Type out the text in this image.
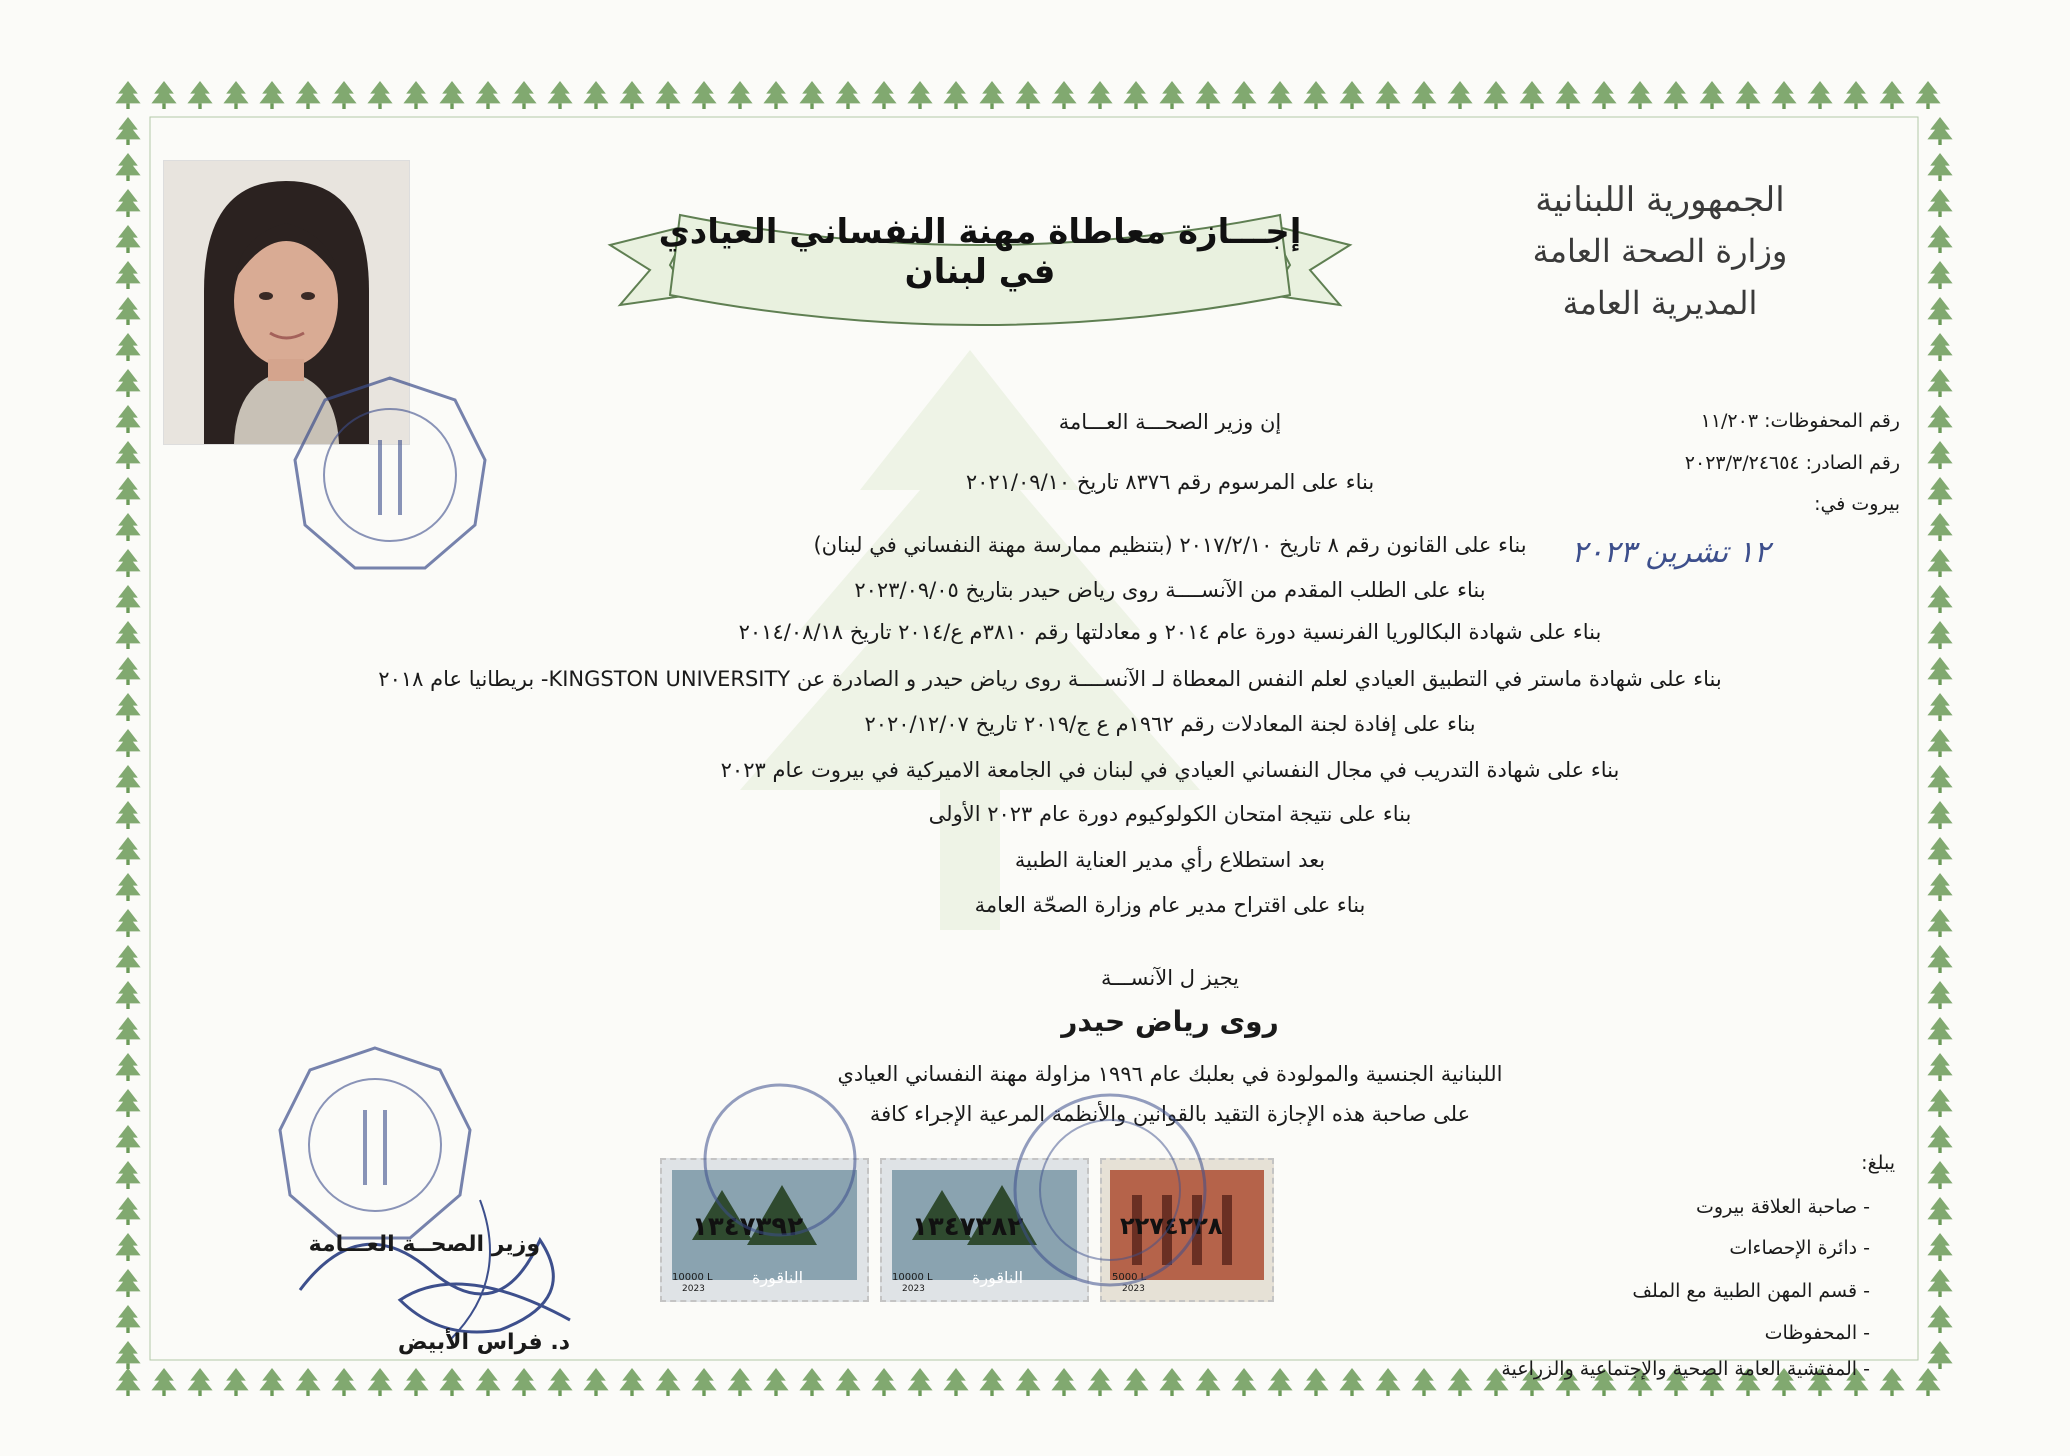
الجمهورية اللبنانية
وزارة الصحة العامة
المديرية العامة
إجـــازة معاطاة مهنة النفساني العيادي في لبنان
رقم المحفوظات: ١١/٢٠٣
رقم الصادر: ٢٠٢٣/٣/٢٤٦٥٤
بيروت في:
١٢ تشرين ٢٠٢٣
إن وزير الصحـــة العـــامة
بناء على المرسوم رقم ٨٣٧٦ تاريخ ٢٠٢١/٠٩/١٠
بناء على القانون رقم ٨ تاريخ ٢٠١٧/٢/١٠ (بتنظيم ممارسة مهنة النفساني في لبنان)
بناء على الطلب المقدم من الآنســــة روى رياض حيدر بتاريخ ٢٠٢٣/٠٩/٠٥
بناء على شهادة البكالوريا الفرنسية دورة عام ٢٠١٤ و معادلتها رقم ٣٨١٠م ع/٢٠١٤ تاريخ ٢٠١٤/٠٨/١٨
بناء على شهادة ماستر في التطبيق العيادي لعلم النفس المعطاة لـ الآنســــة روى رياض حيدر و الصادرة عن KINGSTON UNIVERSITY- بريطانيا عام ٢٠١٨
بناء على إفادة لجنة المعادلات رقم ١٩٦٢م ع ج/٢٠١٩ تاريخ ٢٠٢٠/١٢/٠٧
بناء على شهادة التدريب في مجال النفساني العيادي في لبنان في الجامعة الاميركية في بيروت عام ٢٠٢٣
بناء على نتيجة امتحان الكولوكيوم دورة عام ٢٠٢٣ الأولى
بعد استطلاع رأي مدير العناية الطبية
بناء على اقتراح مدير عام وزارة الصحّة العامة
يجيز ل الآنســـة
روى رياض حيدر
اللبنانية الجنسية والمولودة في بعلبك عام ١٩٩٦ مزاولة مهنة النفساني العيادي
على صاحبة هذه الإجازة التقيد بالقوانين والأنظمة المرعية الإجراء كافة
وزير الصحــة العـــامة
د. فراس الأبيض
١٣٤٧٣٩٢
10000 L الناقورة
2023
١٣٤٧٣٨٢
10000 L الناقورة
2023
٢٢٧٤٢٢٨
5000 L
2023
يبلغ:
- صاحبة العلاقة بيروت
- دائرة الإحصاءات
- قسم المهن الطبية مع الملف
- المحفوظات
- المفتشية العامة الصحية والإجتماعية والزراعية
